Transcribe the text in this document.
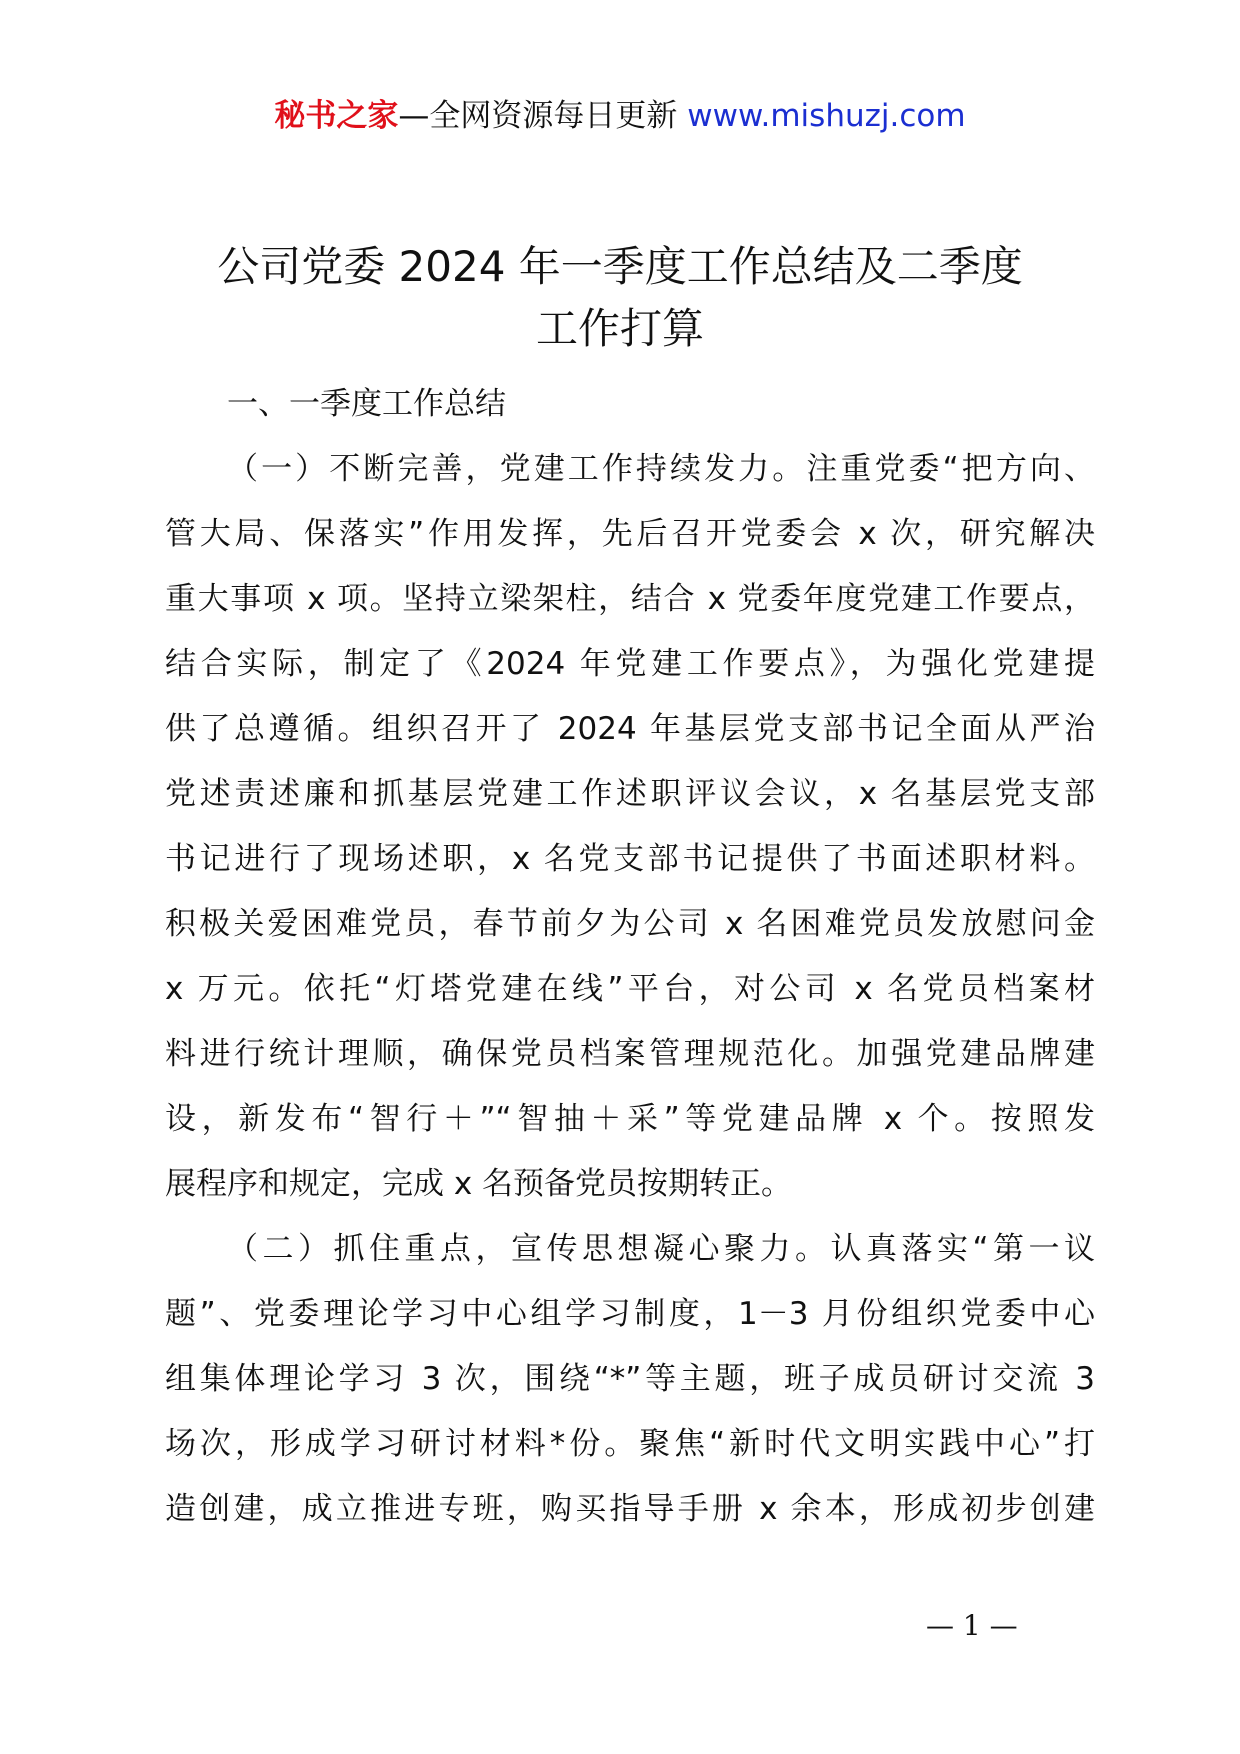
秘书之家—全网资源每日更新 www.mishuzj.com
公司党委 2024 年一季度工作总结及二季度
工作打算
一、一季度工作总结
（一）不断完善，党建工作持续发力。注重党委“把方向、
管大局、保落实”作用发挥，先后召开党委会 x 次，研究解决
重大事项 x 项。坚持立梁架柱，结合 x 党委年度党建工作要点，
结合实际，制定了《2024 年党建工作要点》，为强化党建提
供了总遵循。组织召开了 2024 年基层党支部书记全面从严治
党述责述廉和抓基层党建工作述职评议会议，x 名基层党支部
书记进行了现场述职，x 名党支部书记提供了书面述职材料。
积极关爱困难党员，春节前夕为公司 x 名困难党员发放慰问金
x 万元。依托“灯塔党建在线”平台，对公司 x 名党员档案材
料进行统计理顺，确保党员档案管理规范化。加强党建品牌建
设，新发布“智行＋”“智抽＋采”等党建品牌 x 个。按照发
展程序和规定，完成 x 名预备党员按期转正。
（二）抓住重点，宣传思想凝心聚力。认真落实“第一议
题”、党委理论学习中心组学习制度，1－3 月份组织党委中心
组集体理论学习 3 次，围绕“*”等主题，班子成员研讨交流 3
场次，形成学习研讨材料*份。聚焦“新时代文明实践中心”打
造创建，成立推进专班，购买指导手册 x 余本，形成初步创建
— 1 —
